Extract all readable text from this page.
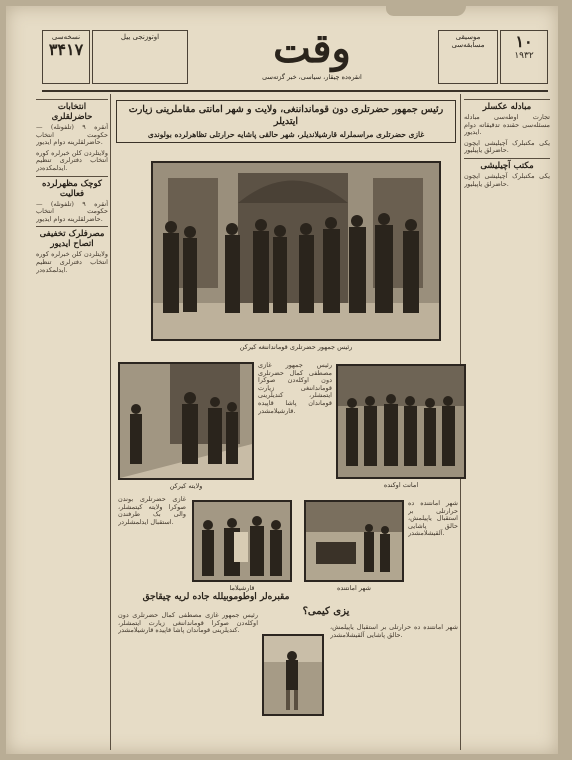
نسخه‌سی
۳۴۱۷
اوتوزنجی ییل	وقت
انقره‌ده چیقار، سیاسی، خبر گزته‌سی
موسیقی مسابقه‌سی	۱۰
۱۹۳۲
انتخابات حاضرلقلری

آنقره ۹ (تلفونله) — حکومت انتخاب حاضرلقلرینه دوام ایدیور.

ولایتلردن کلن خبرلره کوره انتخاب دفترلری تنظیم ایدلمکده‌در.

کوچک مظهرلرده فعالیت

آنقره ۹ (تلفونله) — حکومت انتخاب حاضرلقلرینه دوام ایدیور.

مصرفلرک تخفیفی اتصاح ایدیور

ولایتلردن کلن خبرلره کوره انتخاب دفترلری تنظیم ایدلمکده‌در.

مبادله عکسلر

تجارت اوطه‌سی مبادله مسئله‌سی حقنده تدقیقاته دوام ایدیور.

یکی مکتبلرک آچیلیشی ایچون حاضرلق یاپیلیور.

مکتب آچیلیشی

یکی مکتبلرک آچیلیشی ایچون حاضرلق یاپیلیور.

رئیس جمهور حضرتلری دون قومانداننغی، ولایت و شهر امانتی مقاملرینی زیارت ایتدیلر
غازی حضرتلری مراسملرله قارشیلاندیلر، شهر حالقی پاشایه حرارتلی تظاهرلرده بولوندی
رئیس جمهور حضرتلری قومانداننغه کیرکن
ولایته کیرکن
رئیس جمهور غازی مصطفی کمال حضرتلری دون اوکله‌دن صوکرا قومانداننغی زیارت ایتمشلر، کندیلرینی قوماندان پاشا قاپیده قارشیلامشدر.
امانت اوکنده
غازی حضرتلری بوندن صوکرا ولایته کیتمشلر، والی بک طرفندن استقبال ایدلمشلردر.
قارشیلاما	شهر امانتنده
شهر امانتنده ده حرارتلی بر استقبال یاپیلمش، حالق پاشایی آلقیشلامشدر.
مقبره‌لر اوطوموبیلله جاده لریه چیقاجق
یزی کیمی؟
رئیس جمهور غازی مصطفی کمال حضرتلری دون اوکله‌دن صوکرا قومانداننغی زیارت ایتمشلر، کندیلرینی قوماندان پاشا قاپیده قارشیلامشدر.	شهر امانتنده ده حرارتلی بر استقبال یاپیلمش، حالق پاشایی آلقیشلامشدر.
